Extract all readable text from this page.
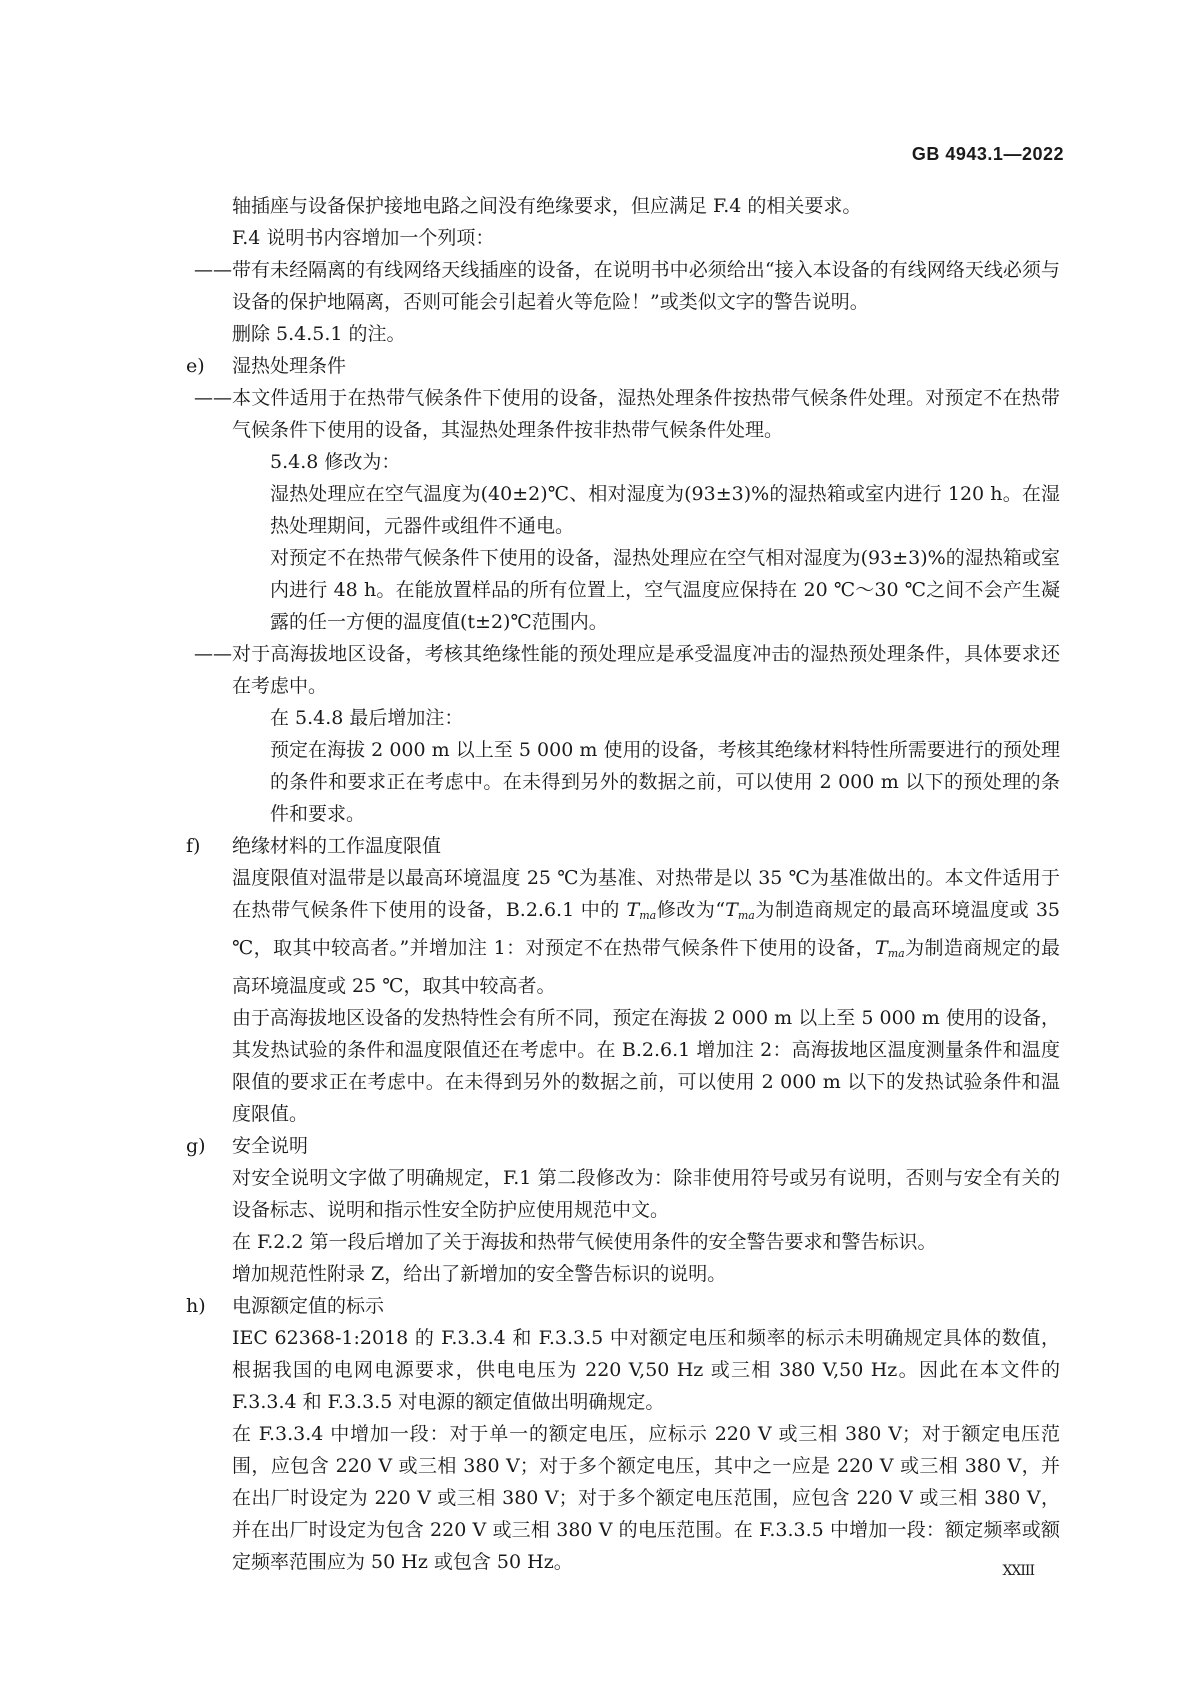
GB 4943.1—2022

轴插座与设备保护接地电路之间没有绝缘要求，但应满足 F.4 的相关要求。

F.4 说明书内容增加一个列项：

—— 带有未经隔离的有线网络天线插座的设备，在说明书中必须给出“接入本设备的有线网络天线必须与设备的保护地隔离，否则可能会引起着火等危险！”或类似文字的警告说明。

删除 5.4.5.1 的注。

e) 湿热处理条件

—— 本文件适用于在热带气候条件下使用的设备，湿热处理条件按热带气候条件处理。对预定不在热带气候条件下使用的设备，其湿热处理条件按非热带气候条件处理。

5.4.8 修改为：

湿热处理应在空气温度为(40±2)℃、相对湿度为(93±3)%的湿热箱或室内进行 120 h。在湿热处理期间，元器件或组件不通电。

对预定不在热带气候条件下使用的设备，湿热处理应在空气相对湿度为(93±3)%的湿热箱或室内进行 48 h。在能放置样品的所有位置上，空气温度应保持在 20 ℃～30 ℃之间不会产生凝露的任一方便的温度值(t±2)℃范围内。

—— 对于高海拔地区设备，考核其绝缘性能的预处理应是承受温度冲击的湿热预处理条件，具体要求还在考虑中。

在 5.4.8 最后增加注：

预定在海拔 2 000 m 以上至 5 000 m 使用的设备，考核其绝缘材料特性所需要进行的预处理的条件和要求正在考虑中。在未得到另外的数据之前，可以使用 2 000 m 以下的预处理的条件和要求。

f) 绝缘材料的工作温度限值

温度限值对温带是以最高环境温度 25 ℃为基准、对热带是以 35 ℃为基准做出的。本文件适用于在热带气候条件下使用的设备，B.2.6.1 中的 $T_{ma}$修改为“$T_{ma}$为制造商规定的最高环境温度或 35 ℃，取其中较高者。”并增加注 1：对预定不在热带气候条件下使用的设备，$T_{ma}$为制造商规定的最高环境温度或 25 ℃，取其中较高者。

由于高海拔地区设备的发热特性会有所不同，预定在海拔 2 000 m 以上至 5 000 m 使用的设备，其发热试验的条件和温度限值还在考虑中。在 B.2.6.1 增加注 2：高海拔地区温度测量条件和温度限值的要求正在考虑中。在未得到另外的数据之前，可以使用 2 000 m 以下的发热试验条件和温度限值。

g) 安全说明

对安全说明文字做了明确规定，F.1 第二段修改为：除非使用符号或另有说明，否则与安全有关的设备标志、说明和指示性安全防护应使用规范中文。

在 F.2.2 第一段后增加了关于海拔和热带气候使用条件的安全警告要求和警告标识。

增加规范性附录 Z，给出了新增加的安全警告标识的说明。

h) 电源额定值的标示

IEC 62368-1:2018 的 F.3.3.4 和 F.3.3.5 中对额定电压和频率的标示未明确规定具体的数值，根据我国的电网电源要求，供电电压为 220 V,50 Hz 或三相 380 V,50 Hz。因此在本文件的 F.3.3.4 和 F.3.3.5 对电源的额定值做出明确规定。

在 F.3.3.4 中增加一段：对于单一的额定电压，应标示 220 V 或三相 380 V；对于额定电压范围，应包含 220 V 或三相 380 V；对于多个额定电压，其中之一应是 220 V 或三相 380 V，并在出厂时设定为 220 V 或三相 380 V；对于多个额定电压范围，应包含 220 V 或三相 380 V，并在出厂时设定为包含 220 V 或三相 380 V 的电压范围。在 F.3.3.5 中增加一段：额定频率或额定频率范围应为 50 Hz 或包含 50 Hz。	XXIII
